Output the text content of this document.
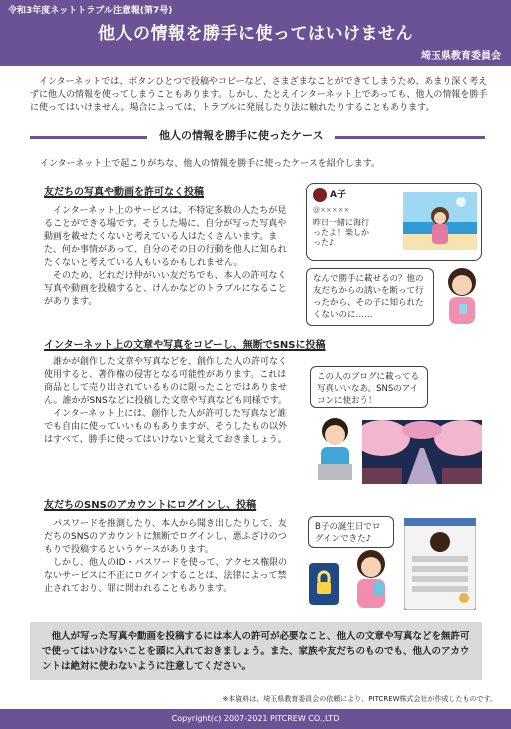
令和3年度ネットトラブル注意報(第7号)
他人の情報を勝手に使ってはいけません
埼玉県教育委員会

インターネットでは、ボタンひとつで投稿やコピーなど、さまざまなことができてしまうため、あまり深く考えずに他人の情報を使ってしまうこともあります。しかし、たとえインターネット上であっても、他人の情報を勝手に使ってはいけません。場合によっては、トラブルに発展したり法に触れたりすることもあります。

他人の情報を勝手に使ったケース
インターネット上で起こりがちな、他人の情報を勝手に使ったケースを紹介します。
友だちの写真や動画を許可なく投稿

インターネット上のサービスは、不特定多数の人たちが見ることができる場です。そうした場に、自分が写った写真や動画を載せたくないと考えている人はたくさんいます。また、何か事情があって、自分のその日の行動を他人に知られたくないと考えている人もいるかもしれません。

そのため、どれだけ仲がいい友だちでも、本人の許可なく写真や動画を投稿すると、けんかなどのトラブルになることがあります。

A子
@×××××
昨日一緒に海行ったよ！楽しかった♪
なんで勝手に載せるの？他の友だちからの誘いを断って行ったから、その子に知られたくないのに……
インターネット上の文章や写真をコピーし、無断でSNSに投稿

誰かが創作した文章や写真などを、創作した人の許可なく使用すると、著作権の侵害となる可能性があります。これは商品として売り出されているものに限ったことではありません。誰かがSNSなどに投稿した文章や写真なども同様です。

インターネット上には、創作した人が許可した写真など誰でも自由に使っていいものもありますが、そうしたもの以外はすべて、勝手に使ってはいけないと覚えておきましょう。

この人のブログに載ってる写真いいなあ。SNSのアイコンに使おう！
友だちのSNSのアカウントにログインし、投稿

パスワードを推測したり、本人から聞き出したりして、友だちのSNSのアカウントに無断でログインし、悪ふざけのつもりで投稿するというケースがあります。

しかし、他人のID・パスワードを使って、アクセス権限のないサービスに不正にログインすることは、法律によって禁止されており、罪に問われることもあります。

B子の誕生日でログインできた♪

他人が写った写真や動画を投稿するには本人の許可が必要なこと、他人の文章や写真などを無許可で使ってはいけないことを頭に入れておきましょう。また、家族や友だちのものでも、他人のアカウントは絶対に使わないように注意してください。

※本資料は、埼玉県教育委員会の依頼により、PITCREW株式会社が作成したものです。
Copyright(c) 2007-2021 PITCREW CO.,LTD
